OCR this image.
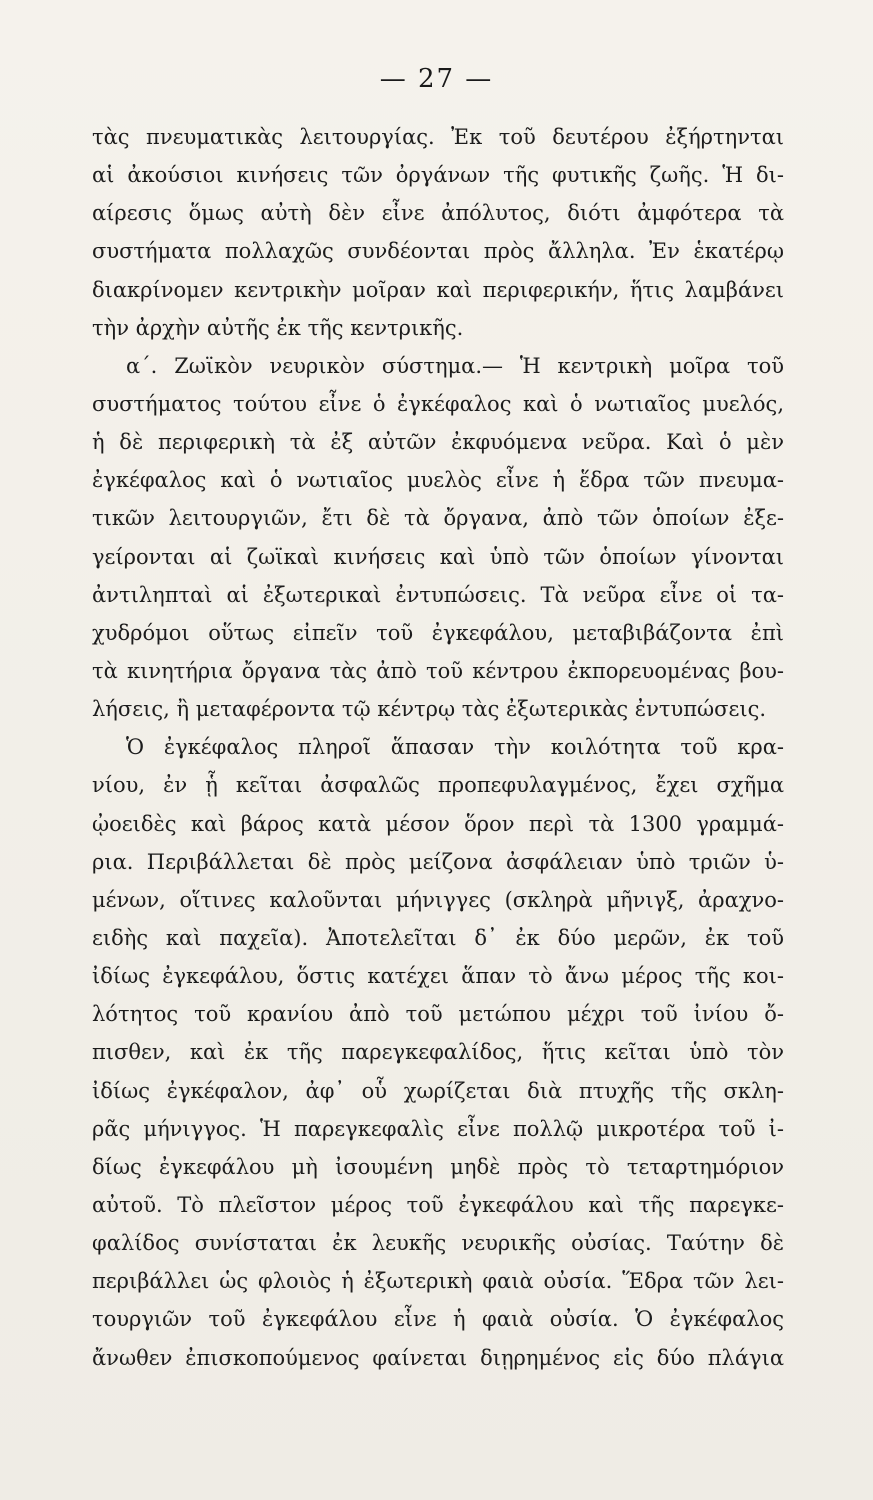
— 27 —
τὰς πνευματικὰς λειτουργίας. Ἐκ τοῦ δευτέρου ἐξήρτηνται
αἱ ἀκούσιοι κινήσεις τῶν ὀργάνων τῆς φυτικῆς ζωῆς. Ἡ δι-
αίρεσις ὅμως αὐτὴ δὲν εἶνε ἀπόλυτος, διότι ἀμφότερα τὰ
συστήματα πολλαχῶς συνδέονται πρὸς ἄλληλα. Ἐν ἑκατέρῳ
διακρίνομεν κεντρικὴν μοῖραν καὶ περιφερικήν, ἥτις λαμβάνει
τὴν ἀρχὴν αὐτῆς ἐκ τῆς κεντρικῆς.
α΄. Ζωϊκὸν νευρικὸν σύστημα.— Ἡ κεντρικὴ μοῖρα τοῦ
συστήματος τούτου εἶνε ὁ ἐγκέφαλος καὶ ὁ νωτιαῖος μυελός,
ἡ δὲ περιφερικὴ τὰ ἐξ αὐτῶν ἐκφυόμενα νεῦρα. Καὶ ὁ μὲν
ἐγκέφαλος καὶ ὁ νωτιαῖος μυελὸς εἶνε ἡ ἕδρα τῶν πνευμα-
τικῶν λειτουργιῶν, ἔτι δὲ τὰ ὄργανα, ἀπὸ τῶν ὁποίων ἐξε-
γείρονται αἱ ζωϊκαὶ κινήσεις καὶ ὑπὸ τῶν ὁποίων γίνονται
ἀντιληπταὶ αἱ ἐξωτερικαὶ ἐντυπώσεις. Τὰ νεῦρα εἶνε οἱ τα-
χυδρόμοι οὕτως εἰπεῖν τοῦ ἐγκεφάλου, μεταβιβάζοντα ἐπὶ
τὰ κινητήρια ὄργανα τὰς ἀπὸ τοῦ κέντρου ἐκπορευομένας βου-
λήσεις, ἢ μεταφέροντα τῷ κέντρῳ τὰς ἐξωτερικὰς ἐντυπώσεις.
Ὁ ἐγκέφαλος πληροῖ ἅπασαν τὴν κοιλότητα τοῦ κρα-
νίου, ἐν ᾗ κεῖται ἀσφαλῶς προπεφυλαγμένος, ἔχει σχῆμα
ᾠοειδὲς καὶ βάρος κατὰ μέσον ὅρον περὶ τὰ 1300 γραμμά-
ρια. Περιβάλλεται δὲ πρὸς μείζονα ἀσφάλειαν ὑπὸ τριῶν ὑ-
μένων, οἵτινες καλοῦνται μήνιγγες (σκληρὰ μῆνιγξ, ἀραχνο-
ειδὴς καὶ παχεῖα). Ἀποτελεῖται δ᾽ ἐκ δύο μερῶν, ἐκ τοῦ
ἰδίως ἐγκεφάλου, ὅστις κατέχει ἅπαν τὸ ἄνω μέρος τῆς κοι-
λότητος τοῦ κρανίου ἀπὸ τοῦ μετώπου μέχρι τοῦ ἰνίου ὄ-
πισθεν, καὶ ἐκ τῆς παρεγκεφαλίδος, ἥτις κεῖται ὑπὸ τὸν
ἰδίως ἐγκέφαλον, ἀφ᾽ οὗ χωρίζεται διὰ πτυχῆς τῆς σκλη-
ρᾶς μήνιγγος. Ἡ παρεγκεφαλὶς εἶνε πολλῷ μικροτέρα τοῦ ἰ-
δίως ἐγκεφάλου μὴ ἰσουμένη μηδὲ πρὸς τὸ τεταρτημόριον
αὐτοῦ. Τὸ πλεῖστον μέρος τοῦ ἐγκεφάλου καὶ τῆς παρεγκε-
φαλίδος συνίσταται ἐκ λευκῆς νευρικῆς οὐσίας. Ταύτην δὲ
περιβάλλει ὡς φλοιὸς ἡ ἐξωτερικὴ φαιὰ οὐσία. Ἕδρα τῶν λει-
τουργιῶν τοῦ ἐγκεφάλου εἶνε ἡ φαιὰ οὐσία. Ὁ ἐγκέφαλος
ἄνωθεν ἐπισκοπούμενος φαίνεται διῃρημένος εἰς δύο πλάγια
